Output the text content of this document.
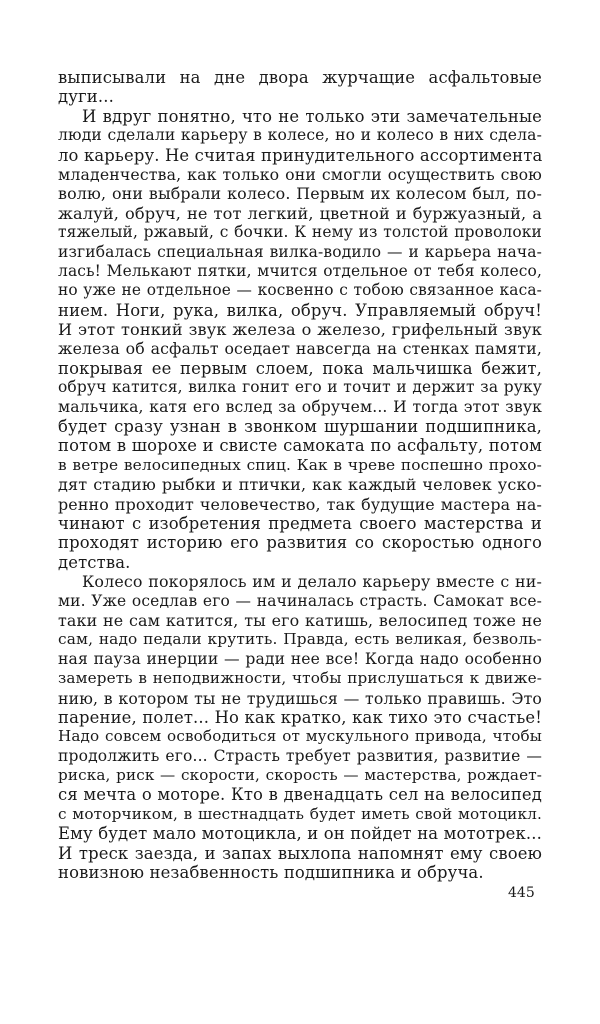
выписывали на дне двора журчащие асфальтовые
дуги...
И вдруг понятно, что не только эти замечательные
люди сделали карьеру в колесе, но и колесо в них сдела-
ло карьеру. Не считая принудительного ассортимента
младенчества, как только они смогли осуществить свою
волю, они выбрали колесо. Первым их колесом был, по-
жалуй, обруч, не тот легкий, цветной и буржуазный, а
тяжелый, ржавый, с бочки. К нему из толстой проволоки
изгибалась специальная вилка-водило — и карьера нача-
лась! Мелькают пятки, мчится отдельное от тебя колесо,
но уже не отдельное — косвенно с тобою связанное каса-
нием. Ноги, рука, вилка, обруч. Управляемый обруч!
И этот тонкий звук железа о железо, грифельный звук
железа об асфальт оседает навсегда на стенках памяти,
покрывая ее первым слоем, пока мальчишка бежит,
обруч катится, вилка гонит его и точит и держит за руку
мальчика, катя его вслед за обручем... И тогда этот звук
будет сразу узнан в звонком шуршании подшипника,
потом в шорохе и свисте самоката по асфальту, потом
в ветре велосипедных спиц. Как в чреве поспешно прохо-
дят стадию рыбки и птички, как каждый человек уско-
ренно проходит человечество, так будущие мастера на-
чинают с изобретения предмета своего мастерства и
проходят историю его развития со скоростью одного
детства.
Колесо покорялось им и делало карьеру вместе с ни-
ми. Уже оседлав его — начиналась страсть. Самокат все-
таки не сам катится, ты его катишь, велосипед тоже не
сам, надо педали крутить. Правда, есть великая, безволь-
ная пауза инерции — ради нее все! Когда надо особенно
замереть в неподвижности, чтобы прислушаться к движе-
нию, в котором ты не трудишься — только правишь. Это
парение, полет... Но как кратко, как тихо это счастье!
Надо совсем освободиться от мускульного привода, чтобы
продолжить его... Страсть требует развития, развитие —
риска, риск — скорости, скорость — мастерства, рождает-
ся мечта о моторе. Кто в двенадцать сел на велосипед
с моторчиком, в шестнадцать будет иметь свой мотоцикл.
Ему будет мало мотоцикла, и он пойдет на мототрек...
И треск заезда, и запах выхлопа напомнят ему своею
новизною незабвенность подшипника и обруча.
445
